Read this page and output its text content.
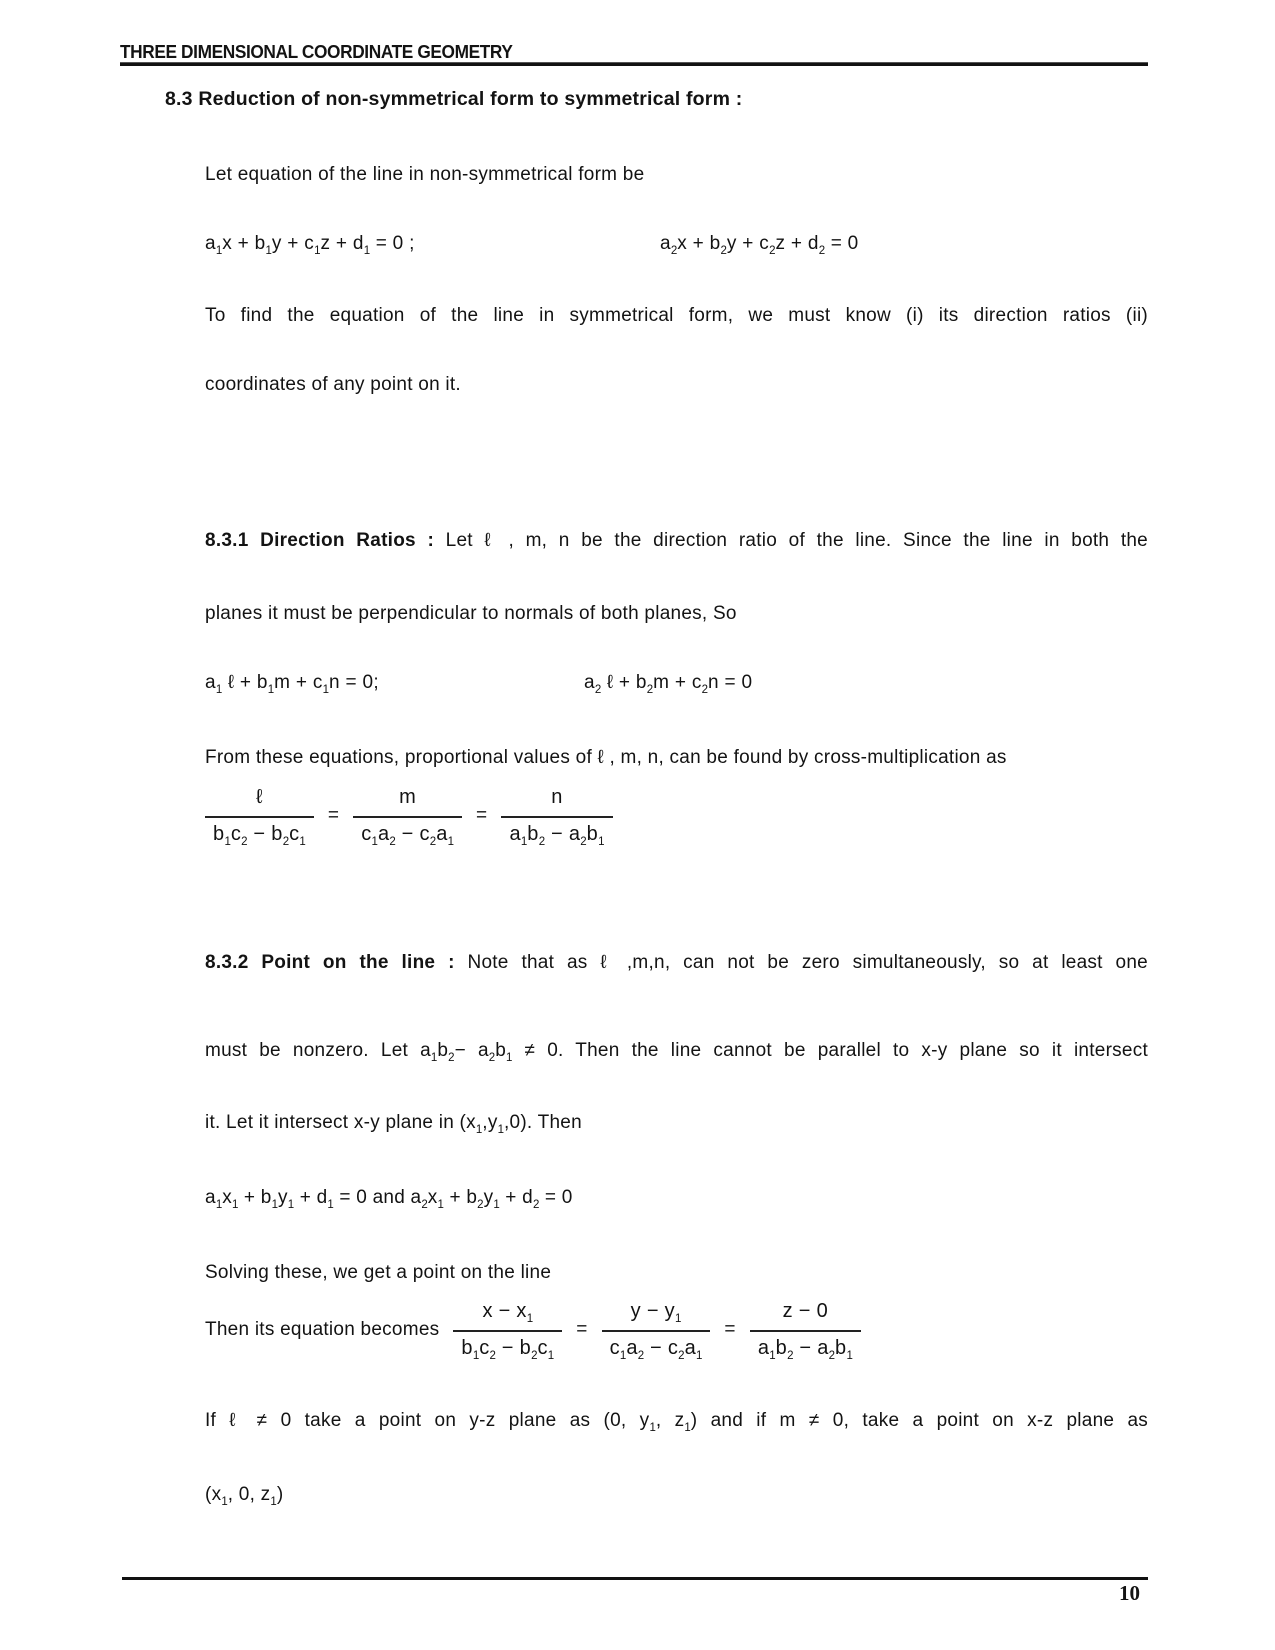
THREE DIMENSIONAL COORDINATE GEOMETRY
8.3 Reduction of non-symmetrical form to symmetrical form :
Let equation of the line in non-symmetrical form be
$a_1x + b_1y + c_1z + d_1 = 0$ ;	$a_2x + b_2y + c_2z + d_2 = 0$
To find the equation of the line in symmetrical form, we must know (i) its direction ratios (ii)
coordinates of any point on it.
8.3.1 Direction Ratios : Let ℓ , m, n be the direction ratio of the line. Since the line in both the
planes it must be perpendicular to normals of both planes, So
$a_1$ ℓ + $b_1m + c_1n = 0$;	$a_2$ ℓ + $b_2m + c_2n = 0$
From these equations, proportional values of ℓ , m, n, can be found by cross-multiplication as
$\frac{\text{ℓ}}{b_1c_2 - b_2c_1} = \frac{m}{c_1a_2 - c_2a_1} = \frac{n}{a_1b_2 - a_2b_1}$
8.3.2 Point on the line : Note that as ℓ ,m,n, can not be zero simultaneously, so at least one
must be nonzero. Let $a_1b_2- a_2b_1 \ne 0$. Then the line cannot be parallel to x-y plane so it intersect
it. Let it intersect x-y plane in $(x_1,y_1,0)$. Then
$a_1x_1 + b_1y_1 + d_1 = 0$ and $a_2x_1 + b_2y_1 + d_2 = 0$
Solving these, we get a point on the line
Then its equation becomes $\frac{x - x_1}{b_1c_2 - b_2c_1} = \frac{y - y_1}{c_1a_2 - c_2a_1} = \frac{z - 0}{a_1b_2 - a_2b_1}$
If ℓ ≠ 0 take a point on y-z plane as (0, $y_1$, $z_1$) and if m ≠ 0, take a point on x-z plane as
($x_1$, 0, $z_1$)
10
